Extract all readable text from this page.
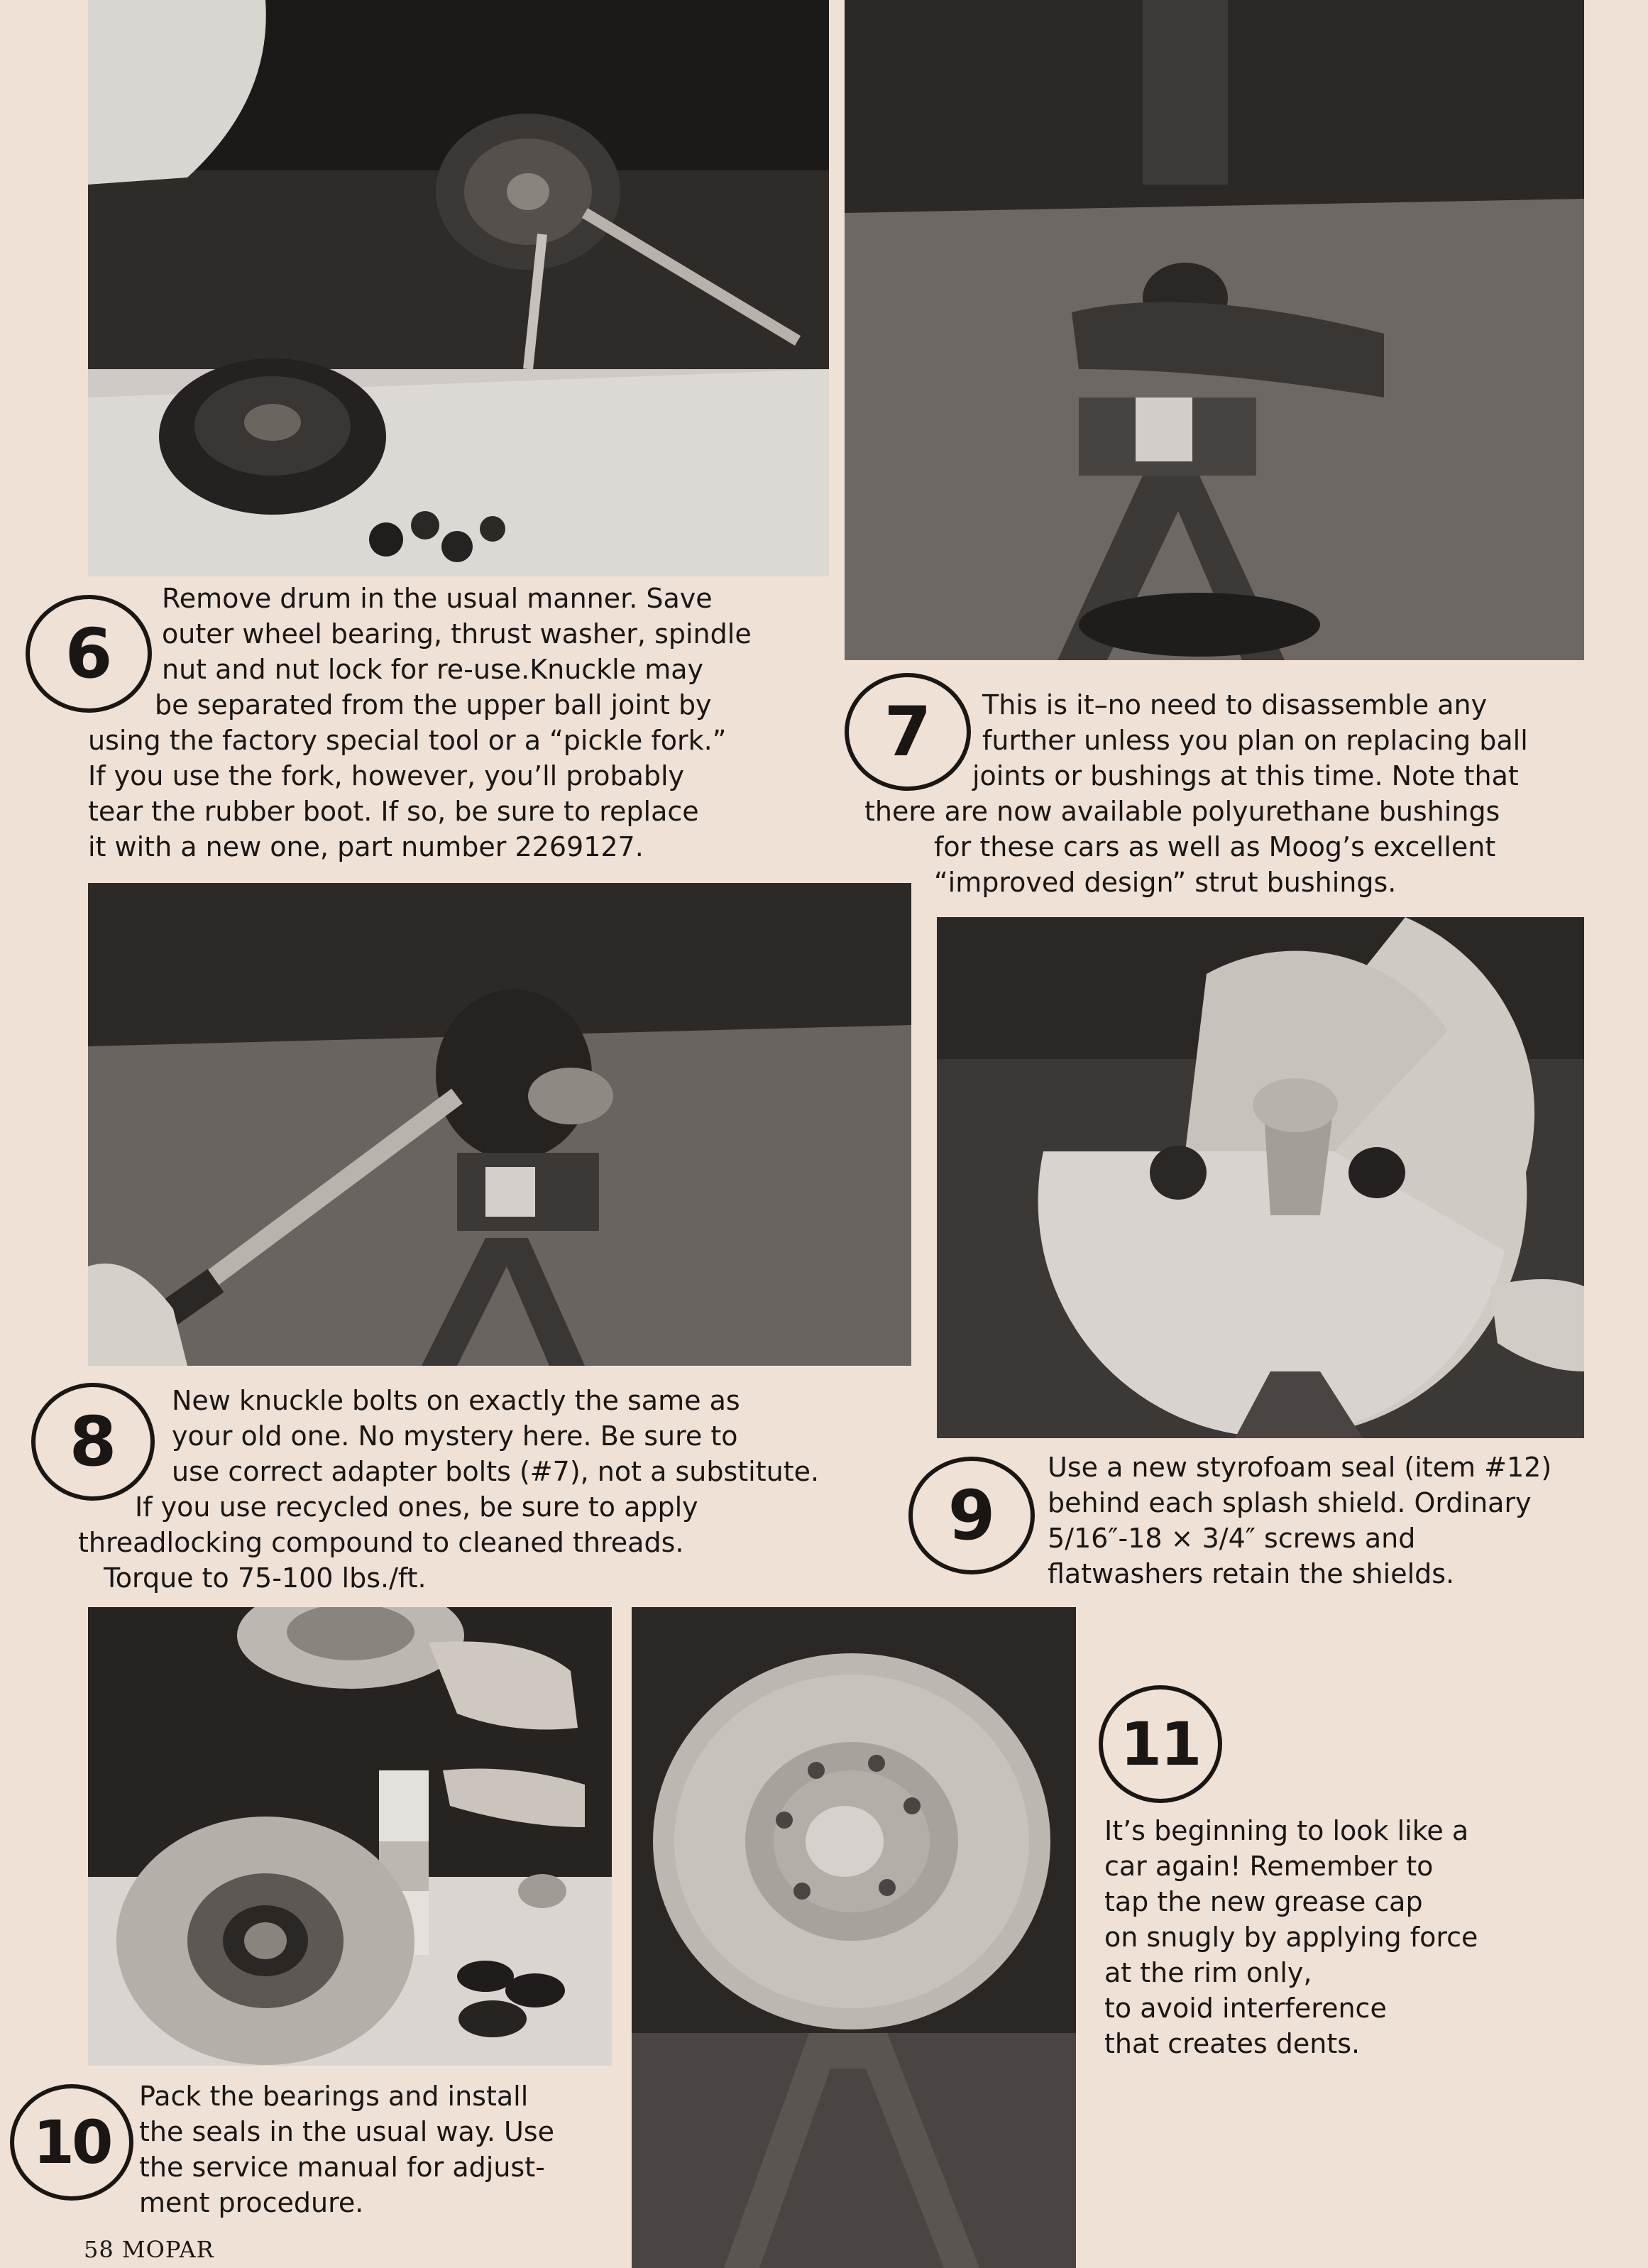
6
Remove drum in the usual manner. Save
outer wheel bearing, thrust washer, spindle
nut and nut lock for re-use.Knuckle may
be separated from the upper ball joint by
using the factory special tool or a “pickle fork.”
If you use the fork, however, you’ll probably
tear the rubber boot. If so, be sure to replace
it with a new one, part number 2269127.
7 This is it–no need to disassemble any
further unless you plan on replacing ball
joints or bushings at this time. Note that
there are now available polyurethane bushings
for these cars as well as Moog’s excellent
“improved design” strut bushings.
8
New knuckle bolts on exactly the same as
your old one. No mystery here. Be sure to
use correct adapter bolts (#7), not a substitute.
If you use recycled ones, be sure to apply
threadlocking compound to cleaned threads.
Torque to 75-100 lbs./ft.
9
Use a new styrofoam seal (item #12)
behind each splash shield. Ordinary
5/16″-18 × 3/4″ screws and
flatwashers retain the shields.
10
Pack the bearings and install
the seals in the usual way. Use
the service manual for adjust-
ment procedure.
11
It’s beginning to look like a
car again! Remember to
tap the new grease cap
on snugly by applying force
at the rim only,
to avoid interference
that creates dents.
58 MOPAR
